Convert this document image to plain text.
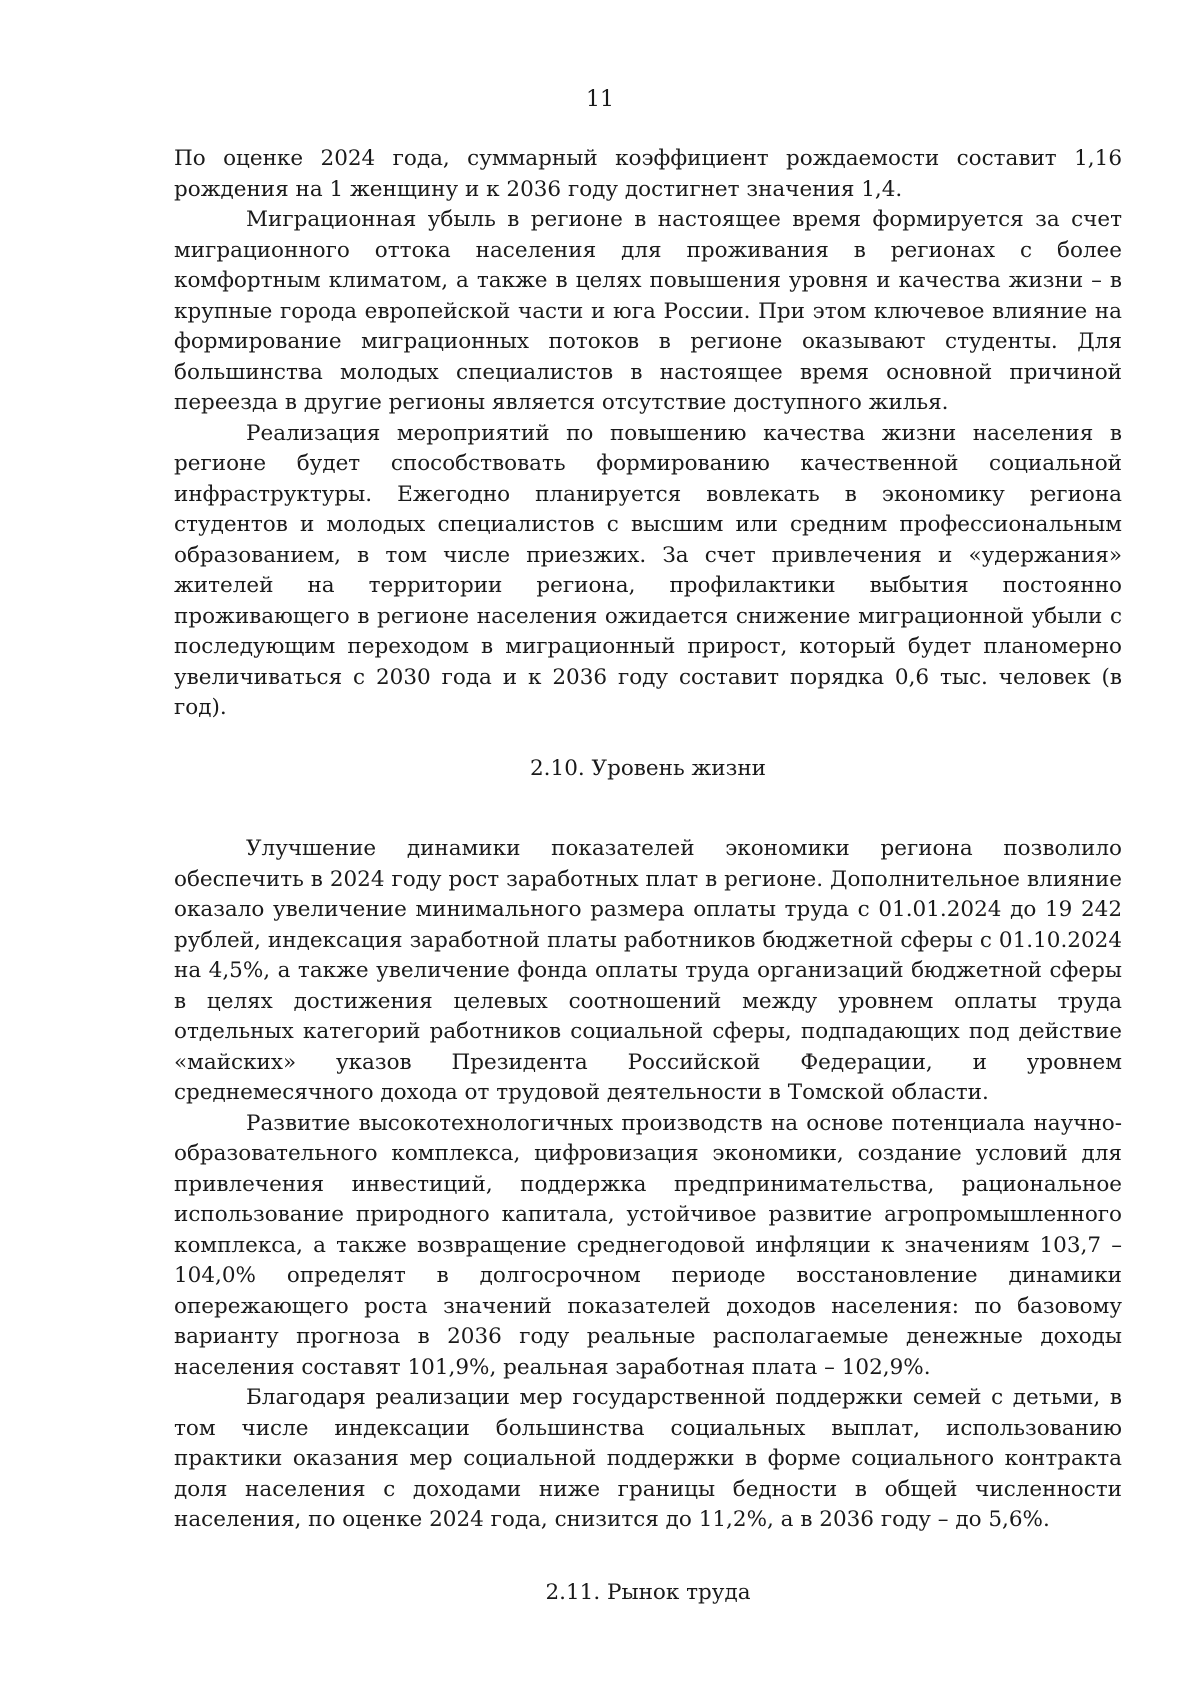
11

По оценке 2024 года, суммарный коэффициент рождаемости составит 1,16 рождения на 1 женщину и к 2036 году достигнет значения 1,4.

Миграционная убыль в регионе в настоящее время формируется за счет миграционного оттока населения для проживания в регионах с более комфортным климатом, а также в целях повышения уровня и качества жизни – в крупные города европейской части и юга России. При этом ключевое влияние на формирование миграционных потоков в регионе оказывают студенты. Для большинства молодых специалистов в настоящее время основной причиной переезда в другие регионы является отсутствие доступного жилья.

Реализация мероприятий по повышению качества жизни населения в регионе будет способствовать формированию качественной социальной инфраструктуры. Ежегодно планируется вовлекать в экономику региона студентов и молодых специалистов с высшим или средним профессиональным образованием, в том числе приезжих. За счет привлечения и «удержания» жителей на территории региона, профилактики выбытия постоянно проживающего в регионе населения ожидается снижение миграционной убыли с последующим переходом в миграционный прирост, который будет планомерно увеличиваться с 2030 года и к 2036 году составит порядка 0,6 тыс. человек (в год).

2.10. Уровень жизни

Улучшение динамики показателей экономики региона позволило обеспечить в 2024 году рост заработных плат в регионе. Дополнительное влияние оказало увеличение минимального размера оплаты труда с 01.01.2024 до 19 242 рублей, индексация заработной платы работников бюджетной сферы с 01.10.2024 на 4,5%, а также увеличение фонда оплаты труда организаций бюджетной сферы в целях достижения целевых соотношений между уровнем оплаты труда отдельных категорий работников социальной сферы, подпадающих под действие «майских» указов Президента Российской Федерации, и уровнем среднемесячного дохода от трудовой деятельности в Томской области.

Развитие высокотехнологичных производств на основе потенциала научно-образовательного комплекса, цифровизация экономики, создание условий для привлечения инвестиций, поддержка предпринимательства, рациональное использование природного капитала, устойчивое развитие агропромышленного комплекса, а также возвращение среднегодовой инфляции к значениям 103,7 – 104,0% определят в долгосрочном периоде восстановление динамики опережающего роста значений показателей доходов населения: по базовому варианту прогноза в 2036 году реальные располагаемые денежные доходы населения составят 101,9%, реальная заработная плата – 102,9%.

Благодаря реализации мер государственной поддержки семей с детьми, в том числе индексации большинства социальных выплат, использованию практики оказания мер социальной поддержки в форме социального контракта доля населения с доходами ниже границы бедности в общей численности населения, по оценке 2024 года, снизится до 11,2%, а в 2036 году – до 5,6%.

2.11. Рынок труда
